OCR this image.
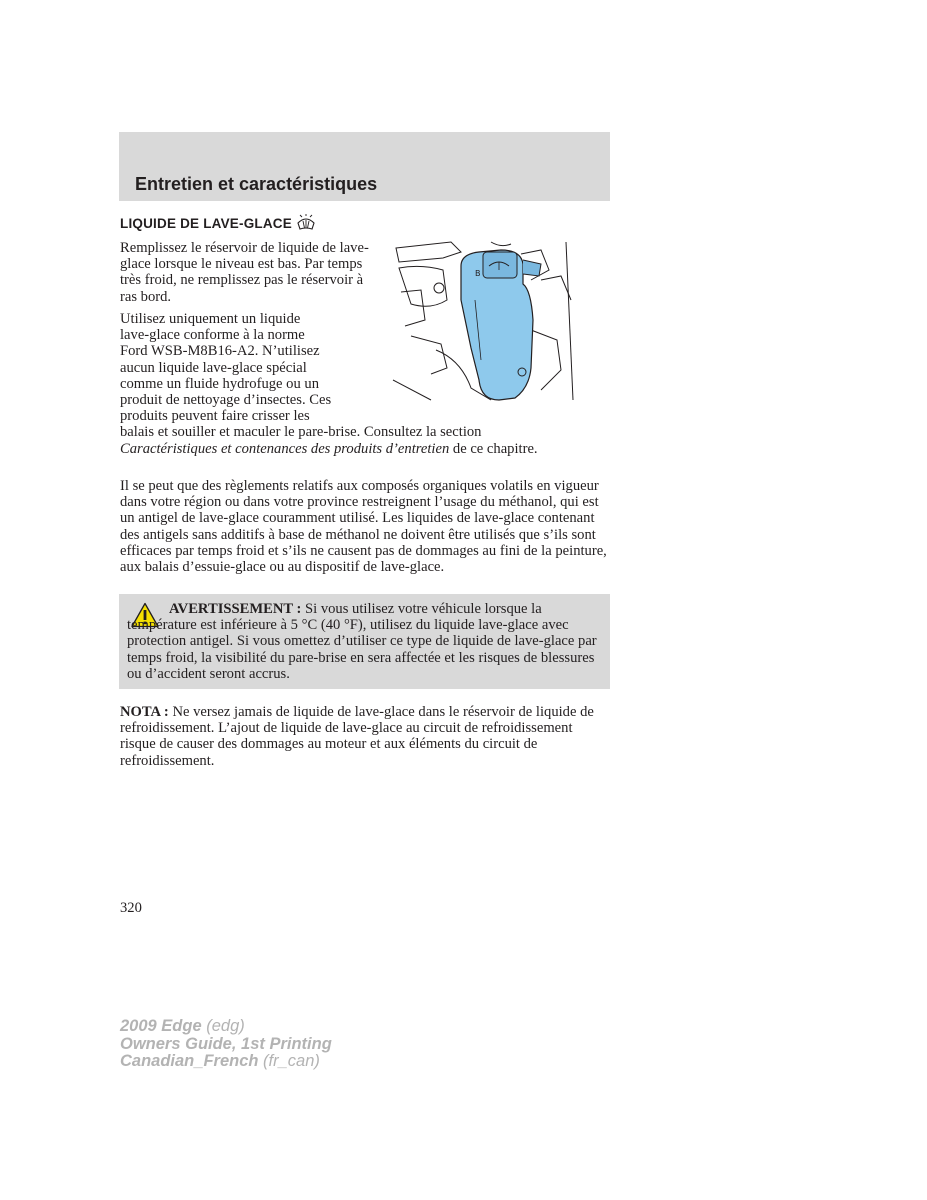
Entretien et caractéristiques
LIQUIDE DE LAVE-GLACE

Remplissez le réservoir de liquide de lave-glace lorsque le niveau est bas. Par temps très froid, ne remplissez pas le réservoir à ras bord.

Utilisez uniquement un liquide
lave-glace conforme à la norme
Ford WSB-M8B16-A2. N’utilisez
aucun liquide lave-glace spécial
comme un fluide hydrofuge ou un
produit de nettoyage d’insectes. Ces
produits peuvent faire crisser les
balais et souiller et maculer le pare-brise. Consultez la section
Caractéristiques et contenances des produits d’entretien de ce chapitre.
B

Il se peut que des règlements relatifs aux composés organiques volatils en vigueur dans votre région ou dans votre province restreignent l’usage du méthanol, qui est un antigel de lave-glace couramment utilisé. Les liquides de lave-glace contenant des antigels sans additifs à base de méthanol ne doivent être utilisés que s’ils sont efficaces par temps froid et s’ils ne causent pas de dommages au fini de la peinture, aux balais d’essuie-glace ou au dispositif de lave-glace.

AVERTISSEMENT : Si vous utilisez votre véhicule lorsque la température est inférieure à 5 °C (40 °F), utilisez du liquide lave-glace avec protection antigel. Si vous omettez d’utiliser ce type de liquide de lave-glace par temps froid, la visibilité du pare-brise en sera affectée et les risques de blessures ou d’accident seront accrus.

NOTA : Ne versez jamais de liquide de lave-glace dans le réservoir de liquide de refroidissement. L’ajout de liquide de lave-glace au circuit de refroidissement risque de causer des dommages au moteur et aux éléments du circuit de refroidissement.

320
2009 Edge (edg)
Owners Guide, 1st Printing
Canadian_French (fr_can)
